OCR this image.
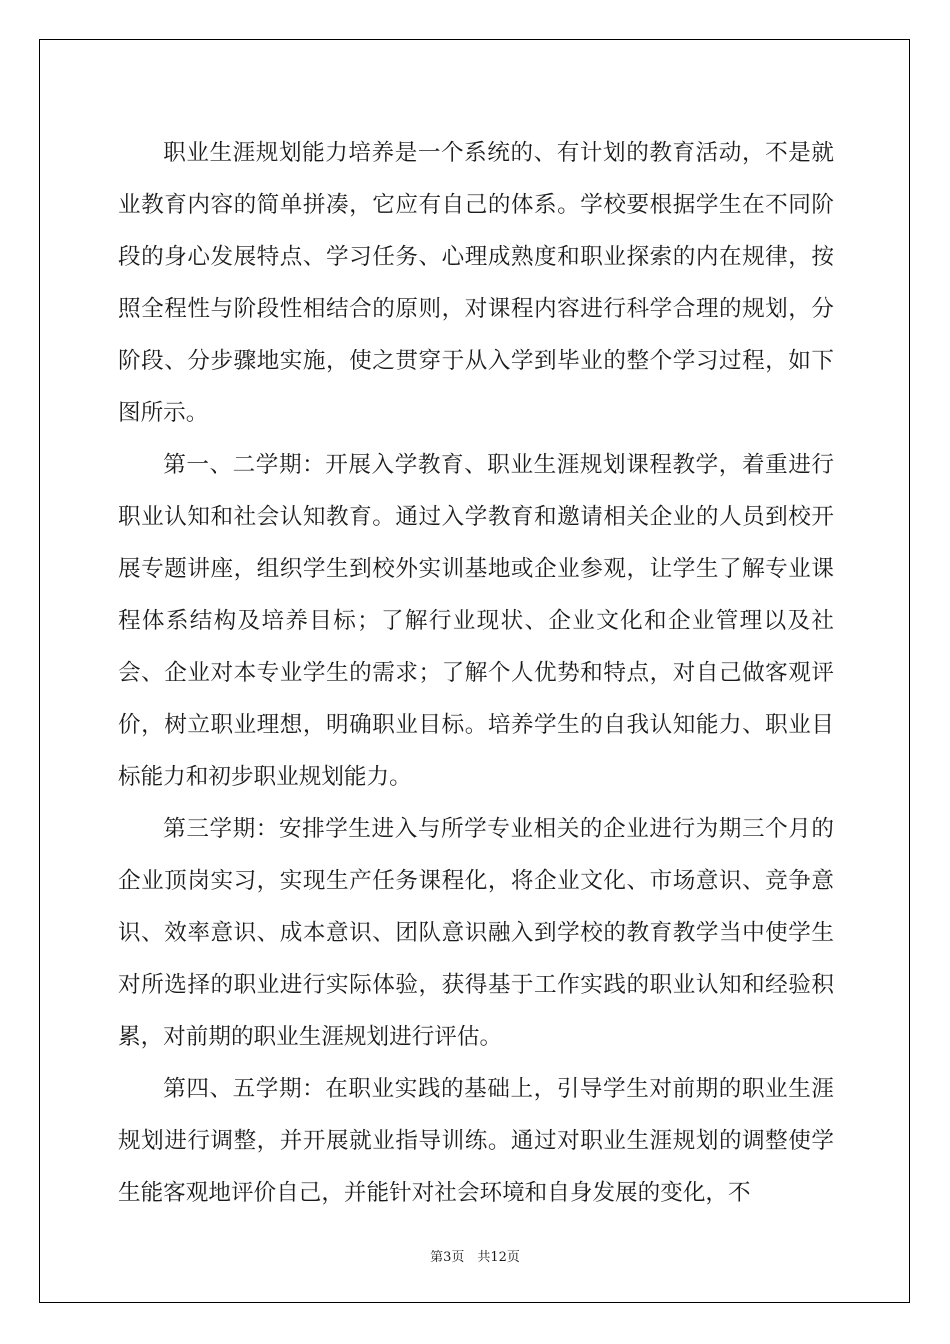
职业生涯规划能力培养是一个系统的、有计划的教育活动，不是就业教育内容的简单拼凑，它应有自己的体系。学校要根据学生在不同阶段的身心发展特点、学习任务、心理成熟度和职业探索的内在规律，按照全程性与阶段性相结合的原则，对课程内容进行科学合理的规划，分阶段、分步骤地实施，使之贯穿于从入学到毕业的整个学习过程，如下图所示。

第一、二学期：开展入学教育、职业生涯规划课程教学，着重进行职业认知和社会认知教育。通过入学教育和邀请相关企业的人员到校开展专题讲座，组织学生到校外实训基地或企业参观，让学生了解专业课程体系结构及培养目标；了解行业现状、企业文化和企业管理以及社会、企业对本专业学生的需求；了解个人优势和特点，对自己做客观评价，树立职业理想，明确职业目标。培养学生的自我认知能力、职业目标能力和初步职业规划能力。

第三学期：安排学生进入与所学专业相关的企业进行为期三个月的企业顶岗实习，实现生产任务课程化，将企业文化、市场意识、竞争意识、效率意识、成本意识、团队意识融入到学校的教育教学当中使学生对所选择的职业进行实际体验，获得基于工作实践的职业认知和经验积累，对前期的职业生涯规划进行评估。

第四、五学期：在职业实践的基础上，引导学生对前期的职业生涯规划进行调整，并开展就业指导训练。通过对职业生涯规划的调整使学生能客观地评价自己，并能针对社会环境和自身发展的变化，不

第3页　共12页
